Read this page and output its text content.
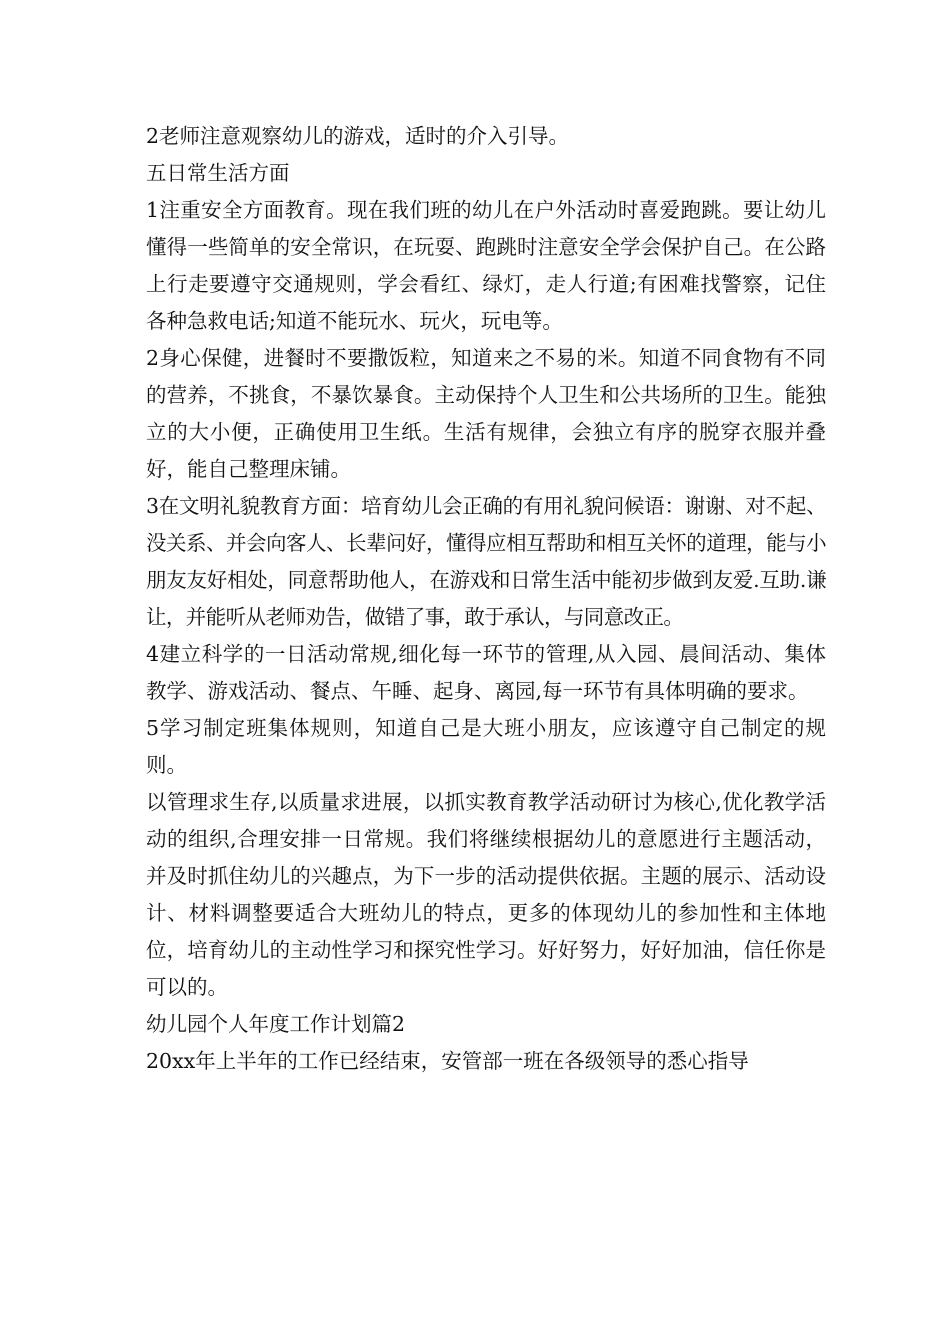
2老师注意观察幼儿的游戏，适时的介入引导。

五日常生活方面

1注重安全方面教育。现在我们班的幼儿在户外活动时喜爱跑跳。要让幼儿懂得一些简单的安全常识，在玩耍、跑跳时注意安全学会保护自己。在公路上行走要遵守交通规则，学会看红、绿灯，走人行道;有困难找警察，记住各种急救电话;知道不能玩水、玩火，玩电等。

2身心保健，进餐时不要撒饭粒，知道来之不易的米。知道不同食物有不同的营养，不挑食，不暴饮暴食。主动保持个人卫生和公共场所的卫生。能独立的大小便，正确使用卫生纸。生活有规律，会独立有序的脱穿衣服并叠好，能自己整理床铺。

3在文明礼貌教育方面：培育幼儿会正确的有用礼貌问候语：谢谢、对不起、没关系、并会向客人、长辈问好，懂得应相互帮助和相互关怀的道理，能与小朋友友好相处，同意帮助他人，在游戏和日常生活中能初步做到友爱.互助.谦让，并能听从老师劝告，做错了事，敢于承认，与同意改正。

4建立科学的一日活动常规,细化每一环节的管理,从入园、晨间活动、集体教学、游戏活动、餐点、午睡、起身、离园,每一环节有具体明确的要求。

5学习制定班集体规则，知道自己是大班小朋友，应该遵守自己制定的规则。

以管理求生存,以质量求进展，以抓实教育教学活动研讨为核心,优化教学活动的组织,合理安排一日常规。我们将继续根据幼儿的意愿进行主题活动，并及时抓住幼儿的兴趣点，为下一步的活动提供依据。主题的展示、活动设计、材料调整要适合大班幼儿的特点，更多的体现幼儿的参加性和主体地位，培育幼儿的主动性学习和探究性学习。好好努力，好好加油，信任你是可以的。

幼儿园个人年度工作计划篇2

20xx年上半年的工作已经结束，安管部一班在各级领导的悉心指导
